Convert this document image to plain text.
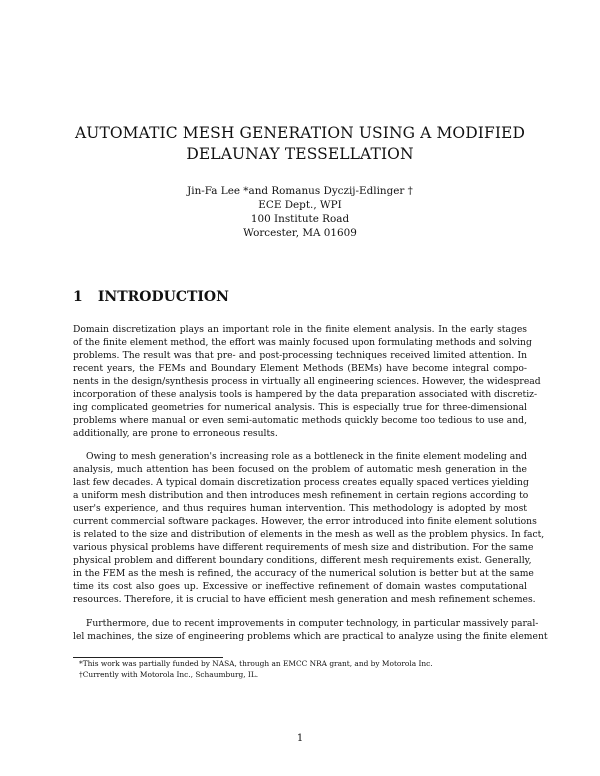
AUTOMATIC MESH GENERATION USING A MODIFIED
DELAUNAY TESSELLATION
Jin-Fa Lee *and Romanus Dyczij-Edlinger †
ECE Dept., WPI
100 Institute Road
Worcester, MA 01609
1 INTRODUCTION
Domain discretization plays an important role in the finite element analysis. In the early stages
of the finite element method, the effort was mainly focused upon formulating methods and solving
problems. The result was that pre- and post-processing techniques received limited attention. In
recent years, the FEMs and Boundary Element Methods (BEMs) have become integral compo-
nents in the design/synthesis process in virtually all engineering sciences. However, the widespread
incorporation of these analysis tools is hampered by the data preparation associated with discretiz-
ing complicated geometries for numerical analysis. This is especially true for three-dimensional
problems where manual or even semi-automatic methods quickly become too tedious to use and,
additionally, are prone to erroneous results.
Owing to mesh generation's increasing role as a bottleneck in the finite element modeling and
analysis, much attention has been focused on the problem of automatic mesh generation in the
last few decades. A typical domain discretization process creates equally spaced vertices yielding
a uniform mesh distribution and then introduces mesh refinement in certain regions according to
user's experience, and thus requires human intervention. This methodology is adopted by most
current commercial software packages. However, the error introduced into finite element solutions
is related to the size and distribution of elements in the mesh as well as the problem physics. In fact,
various physical problems have different requirements of mesh size and distribution. For the same
physical problem and different boundary conditions, different mesh requirements exist. Generally,
in the FEM as the mesh is refined, the accuracy of the numerical solution is better but at the same
time its cost also goes up. Excessive or ineffective refinement of domain wastes computational
resources. Therefore, it is crucial to have efficient mesh generation and mesh refinement schemes.
Furthermore, due to recent improvements in computer technology, in particular massively paral-
lel machines, the size of engineering problems which are practical to analyze using the finite element
*This work was partially funded by NASA, through an EMCC NRA grant, and by Motorola Inc.
†Currently with Motorola Inc., Schaumburg, IL.
1
